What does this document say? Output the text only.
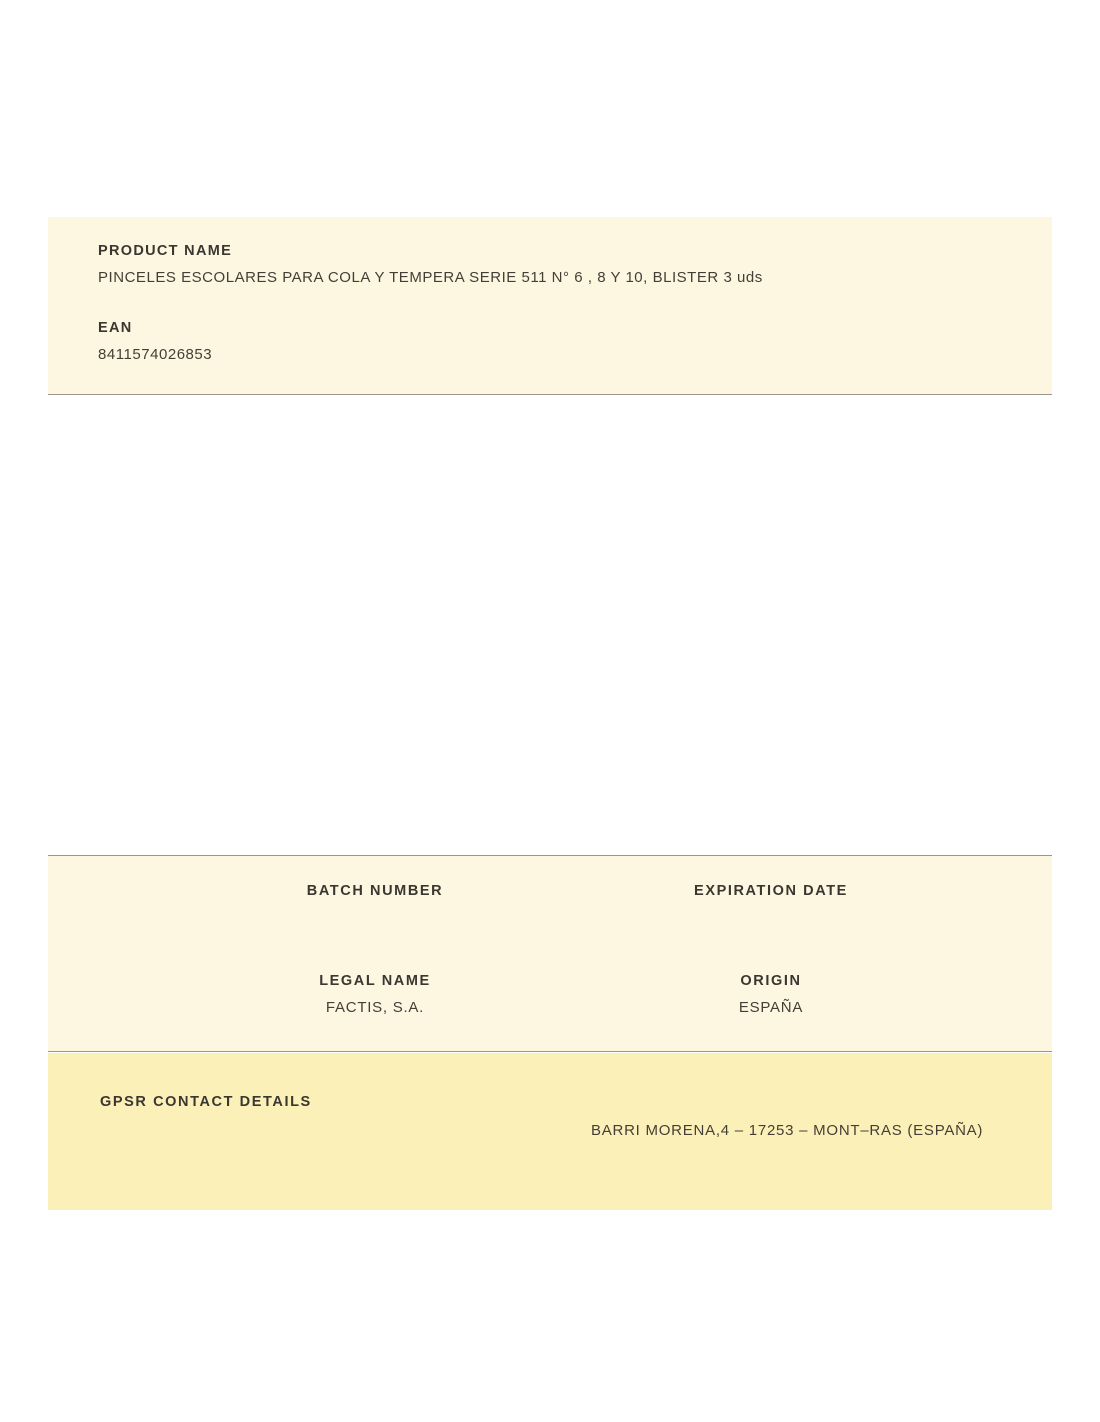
PRODUCT NAME
PINCELES ESCOLARES PARA COLA Y TEMPERA SERIE 511 N° 6 , 8 Y 10, BLISTER 3 uds
EAN
8411574026853
BATCH NUMBER	EXPIRATION DATE
LEGAL NAME
FACTIS, S.A.
ORIGIN
ESPAÑA
GPSR CONTACT DETAILS
BARRI MORENA,4 – 17253 – MONT–RAS (ESPAÑA)
